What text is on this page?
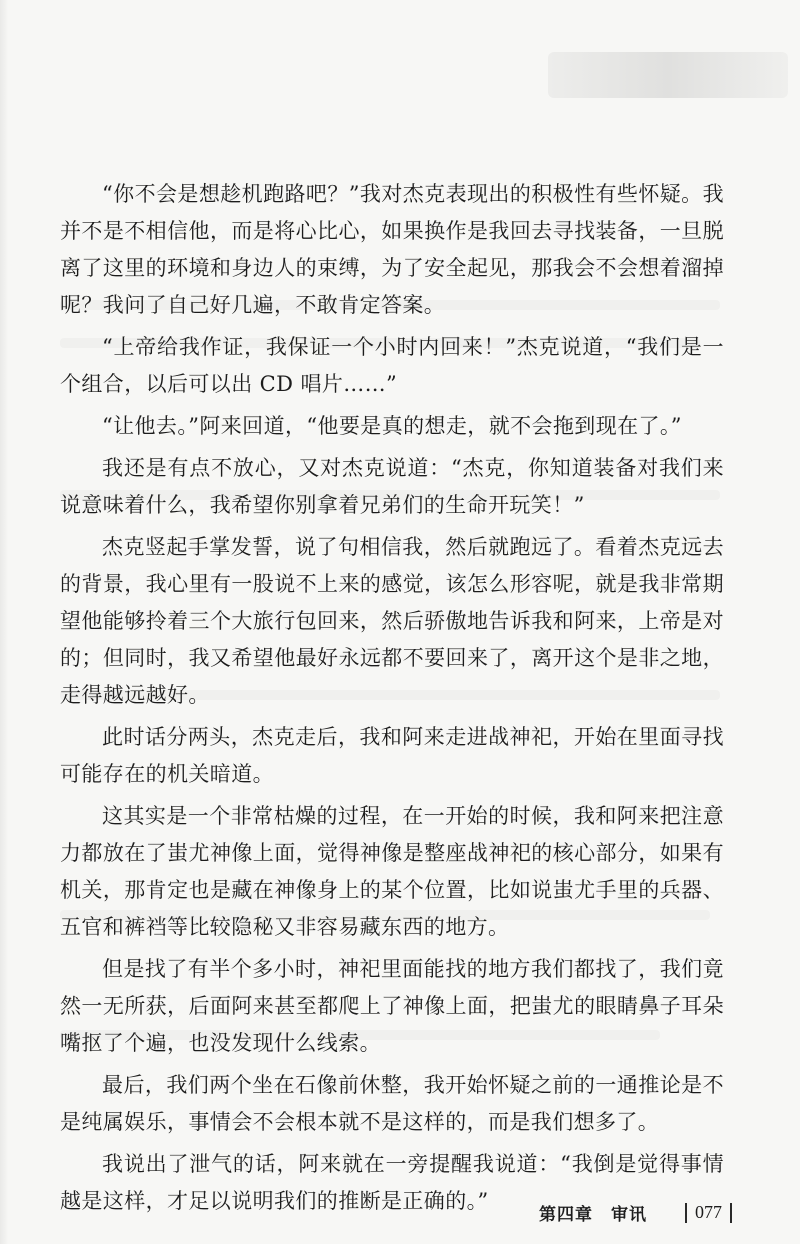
“你不会是想趁机跑路吧？”我对杰克表现出的积极性有些怀疑。我并不是不相信他，而是将心比心，如果换作是我回去寻找装备，一旦脱离了这里的环境和身边人的束缚，为了安全起见，那我会不会想着溜掉呢？我问了自己好几遍，不敢肯定答案。

“上帝给我作证，我保证一个小时内回来！”杰克说道，“我们是一个组合，以后可以出 CD 唱片……”

“让他去。”阿来回道，“他要是真的想走，就不会拖到现在了。”

我还是有点不放心，又对杰克说道：“杰克，你知道装备对我们来说意味着什么，我希望你别拿着兄弟们的生命开玩笑！”

杰克竖起手掌发誓，说了句相信我，然后就跑远了。看着杰克远去的背景，我心里有一股说不上来的感觉，该怎么形容呢，就是我非常期望他能够拎着三个大旅行包回来，然后骄傲地告诉我和阿来，上帝是对的；但同时，我又希望他最好永远都不要回来了，离开这个是非之地，走得越远越好。

此时话分两头，杰克走后，我和阿来走进战神祀，开始在里面寻找可能存在的机关暗道。

这其实是一个非常枯燥的过程，在一开始的时候，我和阿来把注意力都放在了蚩尤神像上面，觉得神像是整座战神祀的核心部分，如果有机关，那肯定也是藏在神像身上的某个位置，比如说蚩尤手里的兵器、五官和裤裆等比较隐秘又非容易藏东西的地方。

但是找了有半个多小时，神祀里面能找的地方我们都找了，我们竟然一无所获，后面阿来甚至都爬上了神像上面，把蚩尤的眼睛鼻子耳朵嘴抠了个遍，也没发现什么线索。

最后，我们两个坐在石像前休整，我开始怀疑之前的一通推论是不是纯属娱乐，事情会不会根本就不是这样的，而是我们想多了。

我说出了泄气的话，阿来就在一旁提醒我说道：“我倒是觉得事情越是这样，才足以说明我们的推断是正确的。”

第四章　审讯	077
